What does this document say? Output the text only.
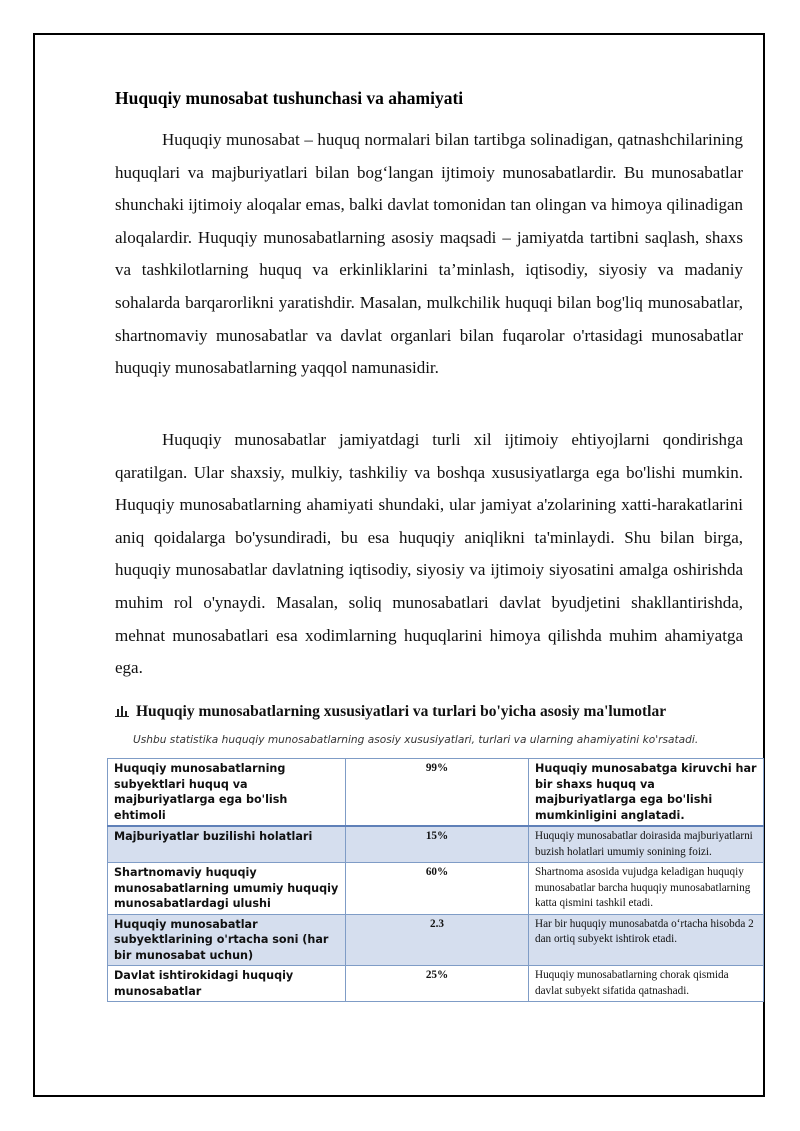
Huquqiy munosabat tushunchasi va ahamiyati

Huquqiy munosabat – huquq normalari bilan tartibga solinadigan, qatnashchilarining huquqlari va majburiyatlari bilan bog‘langan ijtimoiy munosabatlardir. Bu munosabatlar shunchaki ijtimoiy aloqalar emas, balki davlat tomonidan tan olingan va himoya qilinadigan aloqalardir. Huquqiy munosabatlarning asosiy maqsadi – jamiyatda tartibni saqlash, shaxs va tashkilotlarning huquq va erkinliklarini ta’minlash, iqtisodiy, siyosiy va madaniy sohalarda barqarorlikni yaratishdir. Masalan, mulkchilik huquqi bilan bog'liq munosabatlar, shartnomaviy munosabatlar va davlat organlari bilan fuqarolar o'rtasidagi munosabatlar huquqiy munosabatlarning yaqqol namunasidir.

Huquqiy munosabatlar jamiyatdagi turli xil ijtimoiy ehtiyojlarni qondirishga qaratilgan. Ular shaxsiy, mulkiy, tashkiliy va boshqa xususiyatlarga ega bo'lishi mumkin. Huquqiy munosabatlarning ahamiyati shundaki, ular jamiyat a'zolarining xatti-harakatlarini aniq qoidalarga bo'ysundiradi, bu esa huquqiy aniqlikni ta'minlaydi. Shu bilan birga, huquqiy munosabatlar davlatning iqtisodiy, siyosiy va ijtimoiy siyosatini amalga oshirishda muhim rol o'ynaydi. Masalan, soliq munosabatlari davlat byudjetini shakllantirishda, mehnat munosabatlari esa xodimlarning huquqlarini himoya qilishda muhim ahamiyatga ega.

Huquqiy munosabatlarning xususiyatlari va turlari bo'yicha asosiy ma'lumotlar
Ushbu statistika huquqiy munosabatlarning asosiy xususiyatlari, turlari va ularning ahamiyatini ko'rsatadi.
Huquqiy munosabatlarning subyektlari huquq va majburiyatlarga ega bo'lish ehtimoli	99%	Huquqiy munosabatga kiruvchi har bir shaxs huquq va majburiyatlarga ega bo'lishi mumkinligini anglatadi.
Majburiyatlar buzilishi holatlari	15%	Huquqiy munosabatlar doirasida majburiyatlarni buzish holatlari umumiy sonining foizi.
Shartnomaviy huquqiy munosabatlarning umumiy huquqiy munosabatlardagi ulushi	60%	Shartnoma asosida vujudga keladigan huquqiy munosabatlar barcha huquqiy munosabatlarning katta qismini tashkil etadi.
Huquqiy munosabatlar subyektlarining o'rtacha soni (har bir munosabat uchun)	2.3	Har bir huquqiy munosabatda o‘rtacha hisobda 2 dan ortiq subyekt ishtirok etadi.
Davlat ishtirokidagi huquqiy munosabatlar	25%	Huquqiy munosabatlarning chorak qismida davlat subyekt sifatida qatnashadi.
